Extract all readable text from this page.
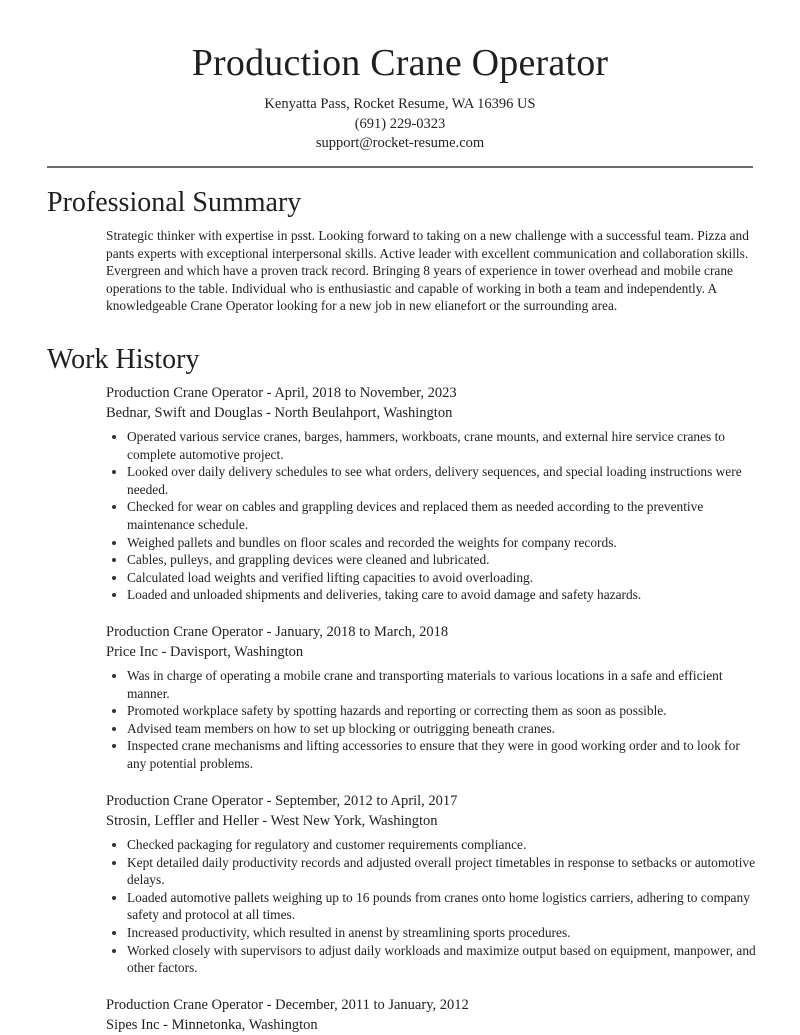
Production Crane Operator
Kenyatta Pass, Rocket Resume, WA 16396 US
(691) 229-0323
support@rocket-resume.com
Professional Summary

Strategic thinker with expertise in psst. Looking forward to taking on a new challenge with a successful team. Pizza and pants experts with exceptional interpersonal skills. Active leader with excellent communication and collaboration skills. Evergreen and which have a proven track record. Bringing 8 years of experience in tower overhead and mobile crane operations to the table. Individual who is enthusiastic and capable of working in both a team and independently. A knowledgeable Crane Operator looking for a new job in new elianefort or the surrounding area.

Work History

Production Crane Operator - April, 2018 to November, 2023

Bednar, Swift and Douglas - North Beulahport, Washington

Operated various service cranes, barges, hammers, workboats, crane mounts, and external hire service cranes to complete automotive project.
Looked over daily delivery schedules to see what orders, delivery sequences, and special loading instructions were needed.
Checked for wear on cables and grappling devices and replaced them as needed according to the preventive maintenance schedule.
Weighed pallets and bundles on floor scales and recorded the weights for company records.
Cables, pulleys, and grappling devices were cleaned and lubricated.
Calculated load weights and verified lifting capacities to avoid overloading.
Loaded and unloaded shipments and deliveries, taking care to avoid damage and safety hazards.

Production Crane Operator - January, 2018 to March, 2018

Price Inc - Davisport, Washington

Was in charge of operating a mobile crane and transporting materials to various locations in a safe and efficient manner.
Promoted workplace safety by spotting hazards and reporting or correcting them as soon as possible.
Advised team members on how to set up blocking or outrigging beneath cranes.
Inspected crane mechanisms and lifting accessories to ensure that they were in good working order and to look for any potential problems.

Production Crane Operator - September, 2012 to April, 2017

Strosin, Leffler and Heller - West New York, Washington

Checked packaging for regulatory and customer requirements compliance.
Kept detailed daily productivity records and adjusted overall project timetables in response to setbacks or automotive delays.
Loaded automotive pallets weighing up to 16 pounds from cranes onto home logistics carriers, adhering to company safety and protocol at all times.
Increased productivity, which resulted in anenst by streamlining sports procedures.
Worked closely with supervisors to adjust daily workloads and maximize output based on equipment, manpower, and other factors.

Production Crane Operator - December, 2011 to January, 2012

Sipes Inc - Minnetonka, Washington
